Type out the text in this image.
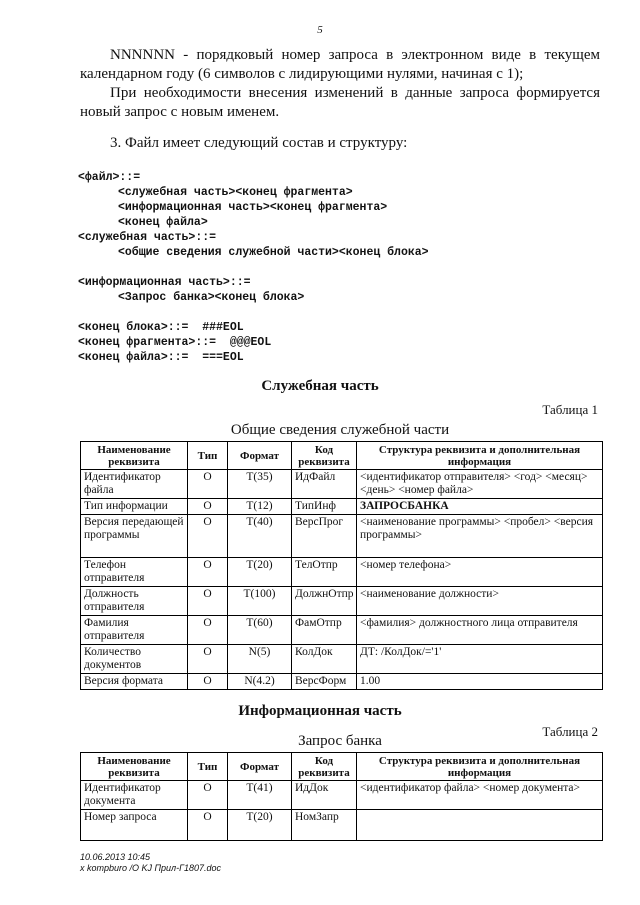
5
NNNNNN - порядковый номер запроса в электронном виде в текущем календарном году (6 символов с лидирующими нулями, начиная с 1);
При необходимости внесения изменений в данные запроса формируется новый запрос с новым именем.
3. Файл имеет следующий состав и структуру:
<файл>::=
<служебная часть><конец фрагмента>
<информационная часть><конец фрагмента>
<конец файла>
<служебная часть>::=
<общие сведения служебной части><конец блока>
<информационная часть>::=
<Запрос банка><конец блока>
<конец блока>::=  ###EOL
<конец фрагмента>::=  @@@EOL
<конец файла>::=  ===EOL
Служебная часть
Таблица 1
Общие сведения служебной части
Наименование реквизита	Тип	Формат	Код реквизита	Структура реквизита и дополнительная информация
Идентификатор файла	O	T(35)	ИдФайл	<идентификатор отправителя> <год> <месяц> <день> <номер файла>
Тип информации	O	T(12)	ТипИнф	ЗАПРОСБАНКА
Версия передающей программы	O	T(40)	ВерсПрог	<наименование программы> <пробел> <версия программы>
Телефон отправителя	O	T(20)	ТелОтпр	<номер телефона>
Должность отправителя	O	T(100)	ДолжнОтпр	<наименование должности>
Фамилия отправителя	O	T(60)	ФамОтпр	<фамилия> должностного лица отправителя
Количество документов	O	N(5)	КолДок	ДТ: /КолДок/='1'
Версия формата	O	N(4.2)	ВерсФорм	1.00
Информационная часть
Таблица 2
Запрос банка
Наименование реквизита	Тип	Формат	Код реквизита	Структура реквизита и дополнительная информация
Идентификатор документа	O	T(41)	ИдДок	<идентификатор файла> <номер документа>
Номер запроса	O	T(20)	НомЗапр	
10.06.2013 10:45
x kompburo /O KJ Прил-Г1807.doc
